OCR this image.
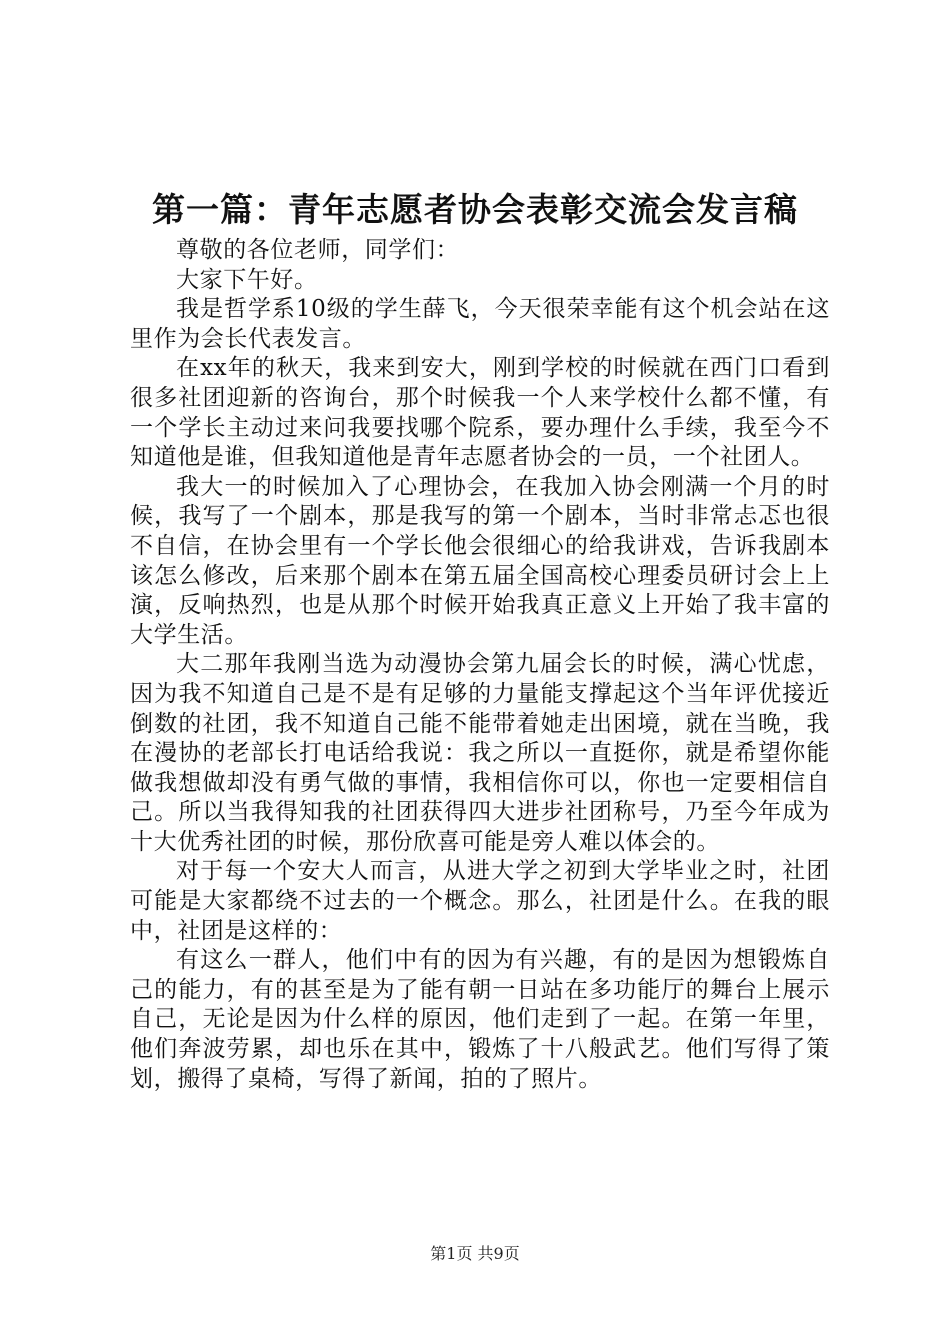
第一篇：青年志愿者协会表彰交流会发言稿

尊敬的各位老师，同学们：

大家下午好。

我是哲学系10级的学生薛飞，今天很荣幸能有这个机会站在这里作为会长代表发言。

在xx年的秋天，我来到安大，刚到学校的时候就在西门口看到很多社团迎新的咨询台，那个时候我一个人来学校什么都不懂，有一个学长主动过来问我要找哪个院系，要办理什么手续，我至今不知道他是谁，但我知道他是青年志愿者协会的一员，一个社团人。

我大一的时候加入了心理协会，在我加入协会刚满一个月的时候，我写了一个剧本，那是我写的第一个剧本，当时非常忐忑也很不自信，在协会里有一个学长他会很细心的给我讲戏，告诉我剧本该怎么修改，后来那个剧本在第五届全国高校心理委员研讨会上上演，反响热烈，也是从那个时候开始我真正意义上开始了我丰富的大学生活。

大二那年我刚当选为动漫协会第九届会长的时候，满心忧虑，因为我不知道自己是不是有足够的力量能支撑起这个当年评优接近倒数的社团，我不知道自己能不能带着她走出困境，就在当晚，我在漫协的老部长打电话给我说：我之所以一直挺你，就是希望你能做我想做却没有勇气做的事情，我相信你可以，你也一定要相信自己。所以当我得知我的社团获得四大进步社团称号，乃至今年成为十大优秀社团的时候，那份欣喜可能是旁人难以体会的。

对于每一个安大人而言，从进大学之初到大学毕业之时，社团可能是大家都绕不过去的一个概念。那么，社团是什么。在我的眼中，社团是这样的：

有这么一群人，他们中有的因为有兴趣，有的是因为想锻炼自己的能力，有的甚至是为了能有朝一日站在多功能厅的舞台上展示自己，无论是因为什么样的原因，他们走到了一起。在第一年里，他们奔波劳累，却也乐在其中，锻炼了十八般武艺。他们写得了策划，搬得了桌椅，写得了新闻，拍的了照片。

第1页 共9页
